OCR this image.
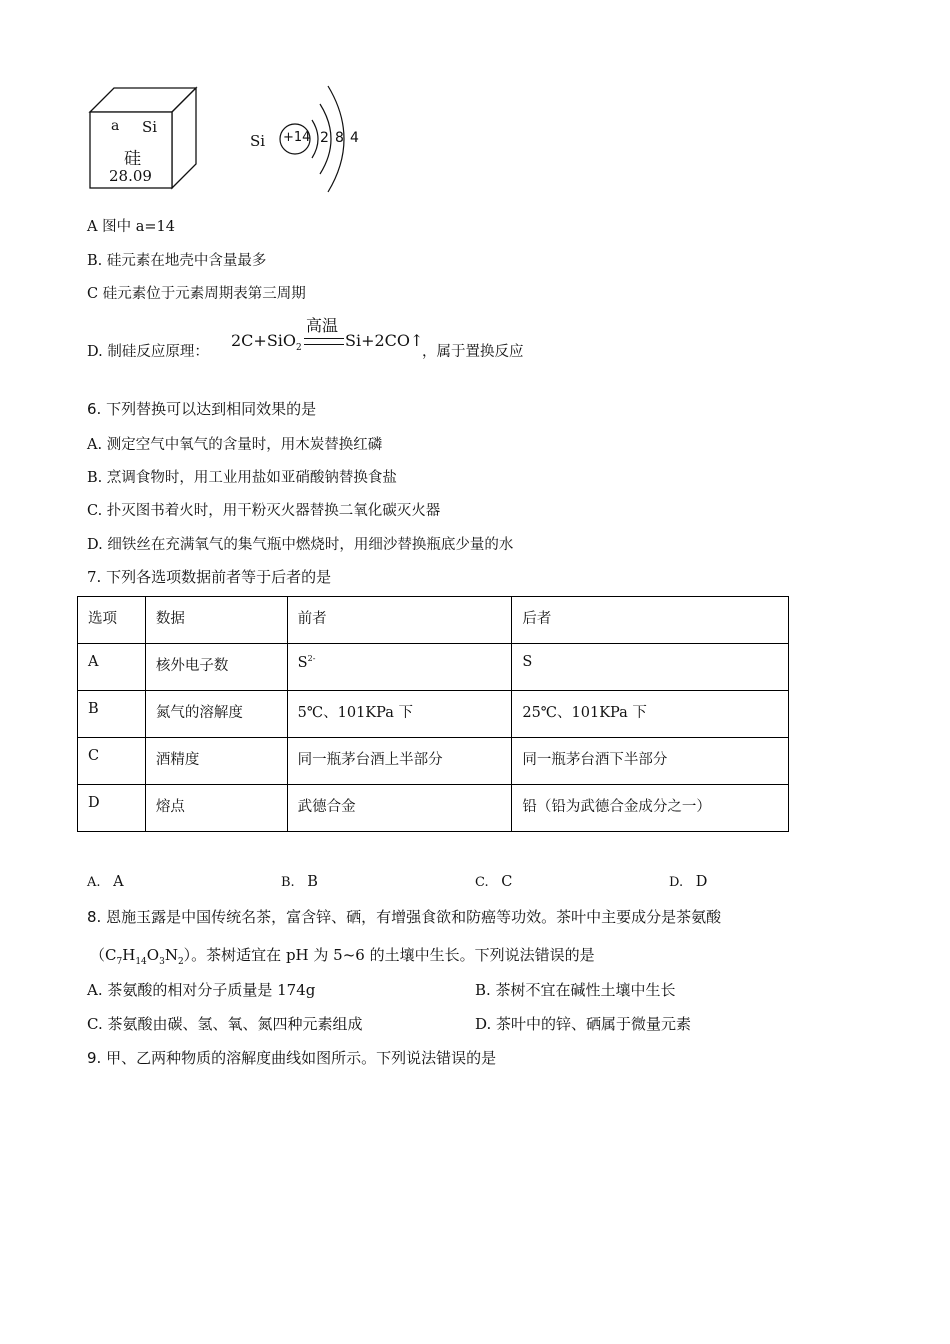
a Si
硅
28.09
Si +14 2 8 4
A 图中 a=14
B. 硅元素在地壳中含量最多
C 硅元素位于元素周期表第三周期
D. 制硅反应原理：
2C+SiO$_2$
高温
Si+2CO↑
，属于置换反应
6. 下列替换可以达到相同效果的是
A. 测定空气中氧气的含量时，用木炭替换红磷
B. 烹调食物时，用工业用盐如亚硝酸钠替换食盐
C. 扑灭图书着火时，用干粉灭火器替换二氧化碳灭火器
D. 细铁丝在充满氧气的集气瓶中燃烧时，用细沙替换瓶底少量的水
7. 下列各选项数据前者等于后者的是
选项	数据	前者	后者
A	核外电子数	$S^{2-}$	S
B	氮气的溶解度	5℃、101KPa 下	25℃、101KPa 下
C	酒精度	同一瓶茅台酒上半部分	同一瓶茅台酒下半部分
D	熔点	武德合金	铅（铅为武德合金成分之一）
A. A	B. B	C. C	D. D
8. 恩施玉露是中国传统名茶，富含锌、硒，有增强食欲和防癌等功效。茶叶中主要成分是茶氨酸
$(C_7H_{14}O_3N_2)$。茶树适宜在 pH 为 5~6 的土壤中生长。下列说法错误的是
A. 茶氨酸的相对分子质量是 174g	B. 茶树不宜在碱性土壤中生长
C. 茶氨酸由碳、氢、氧、氮四种元素组成	D. 茶叶中的锌、硒属于微量元素
9. 甲、乙两种物质的溶解度曲线如图所示。下列说法错误的是
